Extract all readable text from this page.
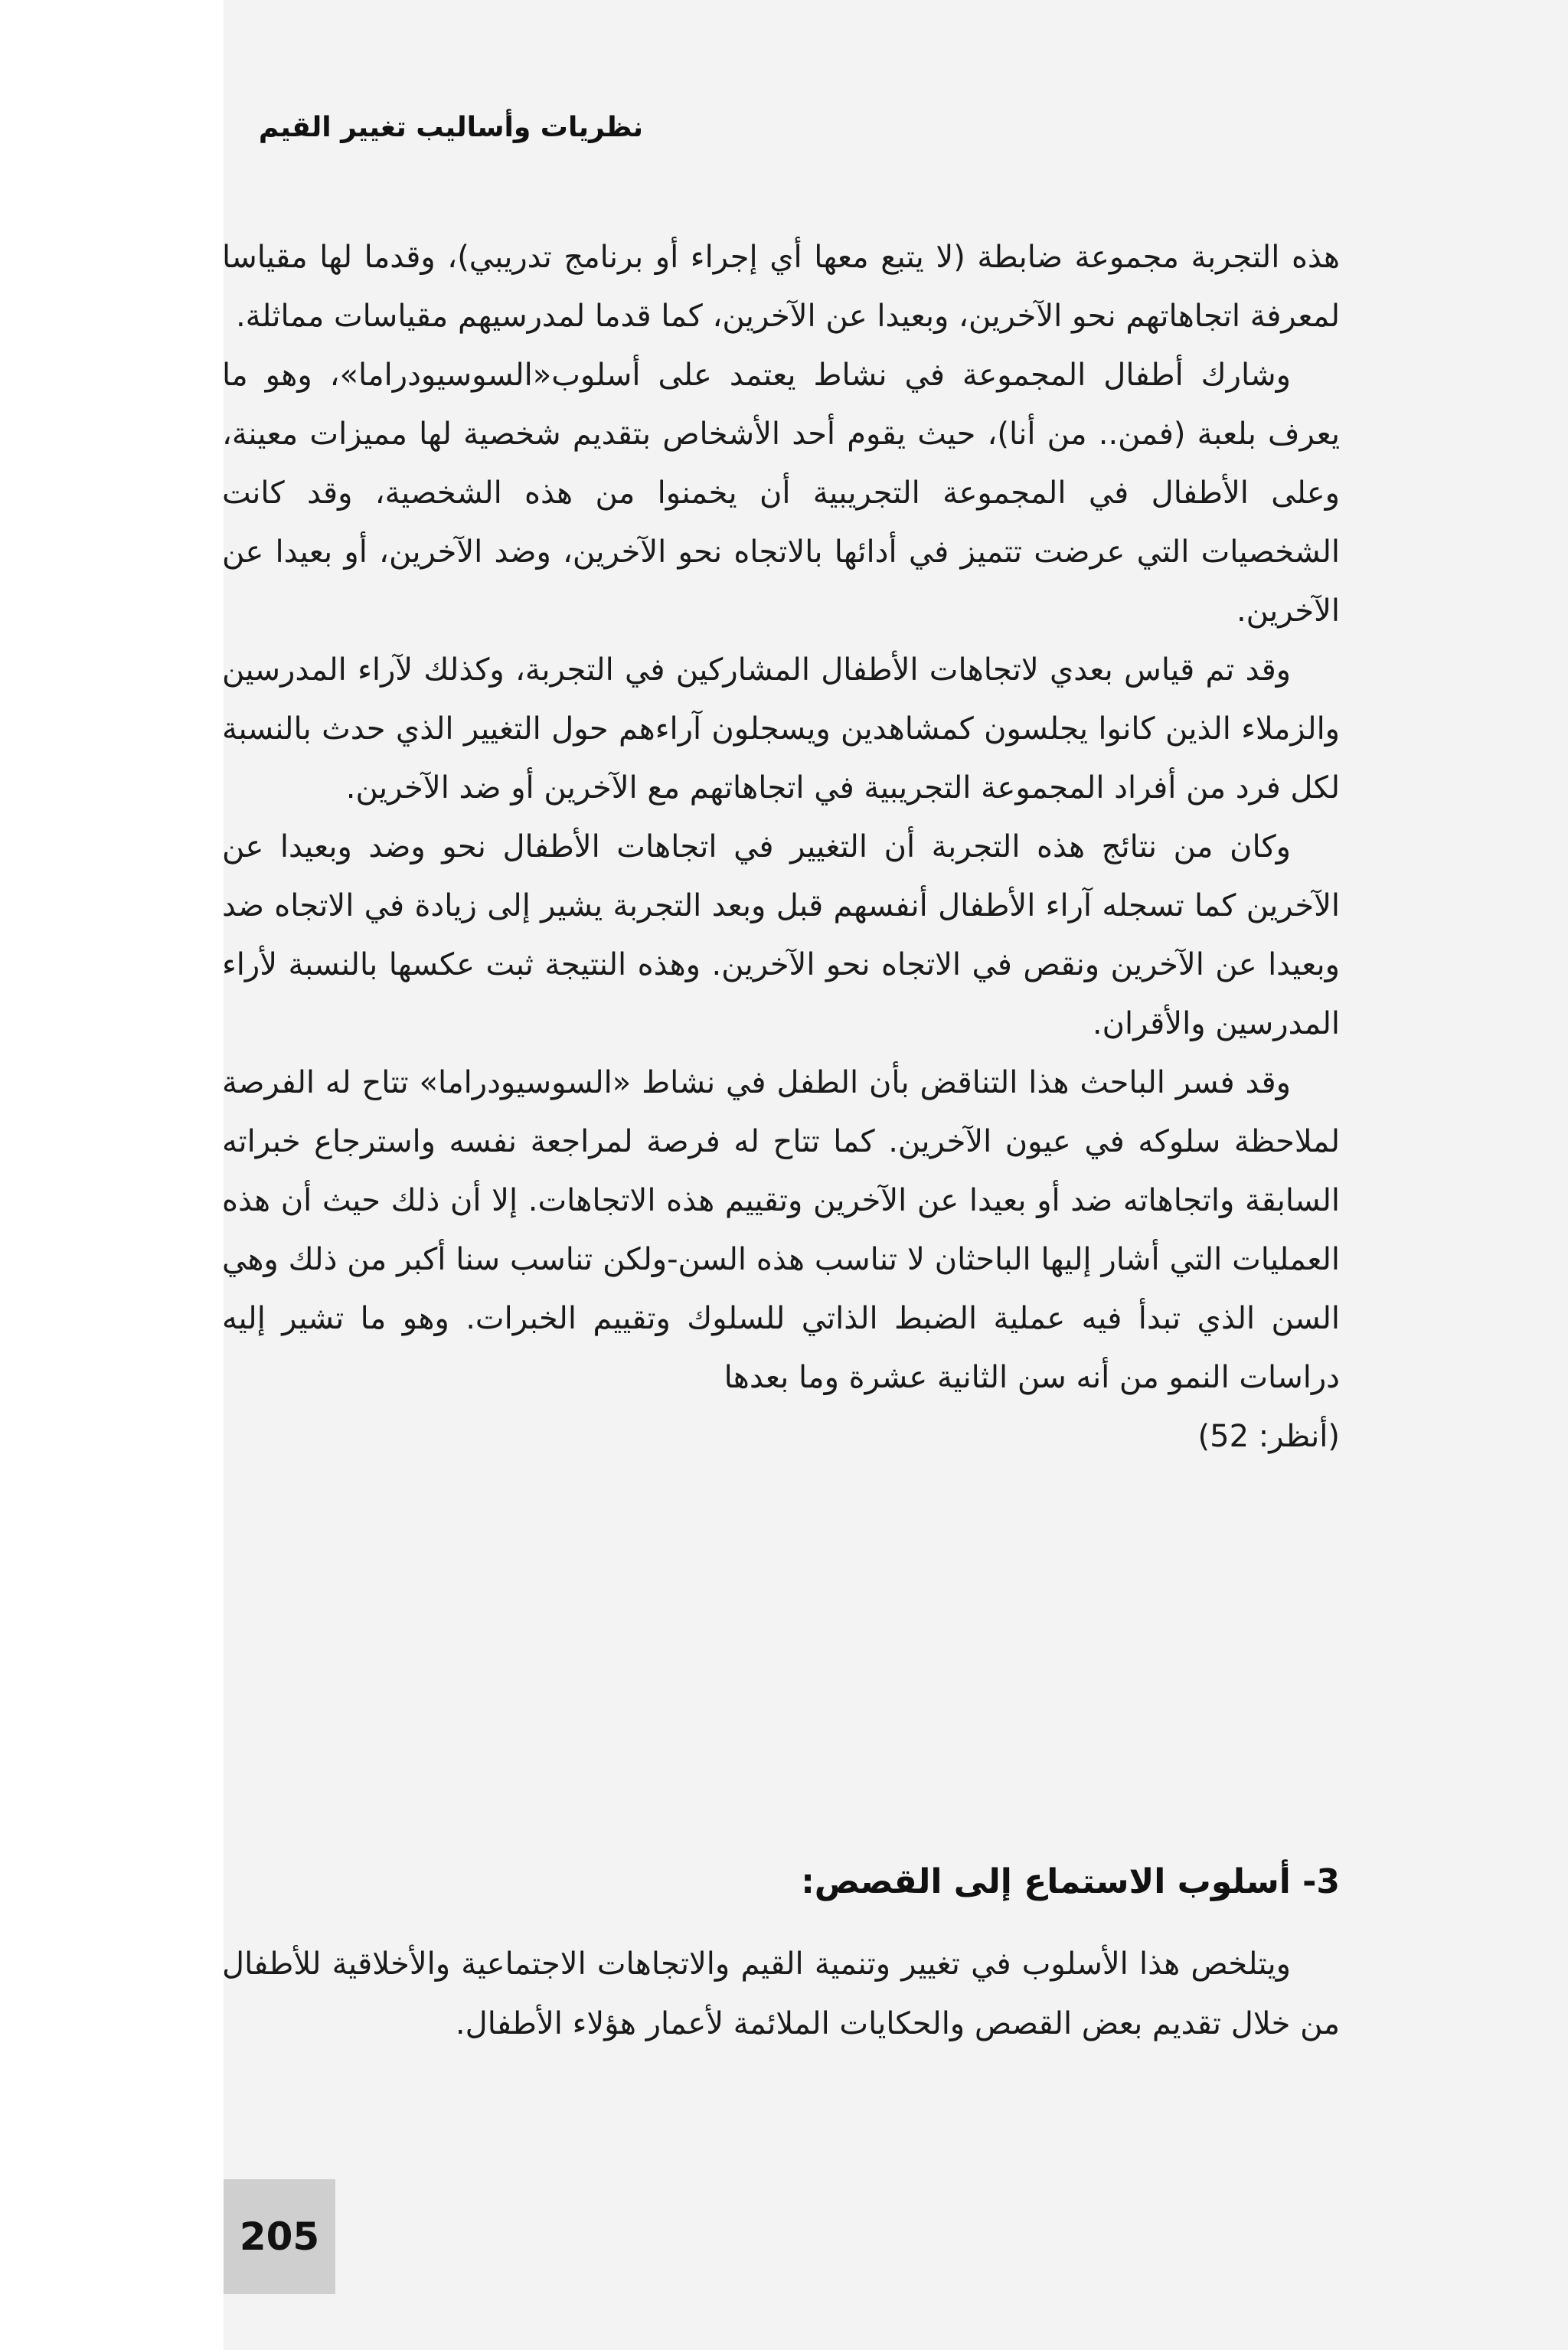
نظريات وأساليب تغيير القيم

هذه التجربة مجموعة ضابطة (لا يتبع معها أي إجراء أو برنامج تدريبي)، وقدما لها مقياسا لمعرفة اتجاهاتهم نحو الآخرين، وبعيدا عن الآخرين، كما قدما لمدرسيهم مقياسات مماثلة.

وشارك أطفال المجموعة في نشاط يعتمد على أسلوب«السوسيودراما»، وهو ما يعرف بلعبة (فمن.. من أنا)، حيث يقوم أحد الأشخاص بتقديم شخصية لها مميزات معينة، وعلى الأطفال في المجموعة التجريبية أن يخمنوا من هذه الشخصية، وقد كانت الشخصيات التي عرضت تتميز في أدائها بالاتجاه نحو الآخرين، وضد الآخرين، أو بعيدا عن الآخرين.

وقد تم قياس بعدي لاتجاهات الأطفال المشاركين في التجربة، وكذلك لآراء المدرسين والزملاء الذين كانوا يجلسون كمشاهدين ويسجلون آراءهم حول التغيير الذي حدث بالنسبة لكل فرد من أفراد المجموعة التجريبية في اتجاهاتهم مع الآخرين أو ضد الآخرين.

وكان من نتائج هذه التجربة أن التغيير في اتجاهات الأطفال نحو وضد وبعيدا عن الآخرين كما تسجله آراء الأطفال أنفسهم قبل وبعد التجربة يشير إلى زيادة في الاتجاه ضد وبعيدا عن الآخرين ونقص في الاتجاه نحو الآخرين. وهذه النتيجة ثبت عكسها بالنسبة لأراء المدرسين والأقران.

وقد فسر الباحث هذا التناقض بأن الطفل في نشاط «السوسيودراما» تتاح له الفرصة لملاحظة سلوكه في عيون الآخرين. كما تتاح له فرصة لمراجعة نفسه واسترجاع خبراته السابقة واتجاهاته ضد أو بعيدا عن الآخرين وتقييم هذه الاتجاهات. إلا أن ذلك حيث أن هذه العمليات التي أشار إليها الباحثان لا تناسب هذه السن-ولكن تناسب سنا أكبر من ذلك وهي السن الذي تبدأ فيه عملية الضبط الذاتي للسلوك وتقييم الخبرات. وهو ما تشير إليه دراسات النمو من أنه سن الثانية عشرة وما بعدها

(أنظر: 52)

3- أسلوب الاستماع إلى القصص:

ويتلخص هذا الأسلوب في تغيير وتنمية القيم والاتجاهات الاجتماعية والأخلاقية للأطفال من خلال تقديم بعض القصص والحكايات الملائمة لأعمار هؤلاء الأطفال.

205
